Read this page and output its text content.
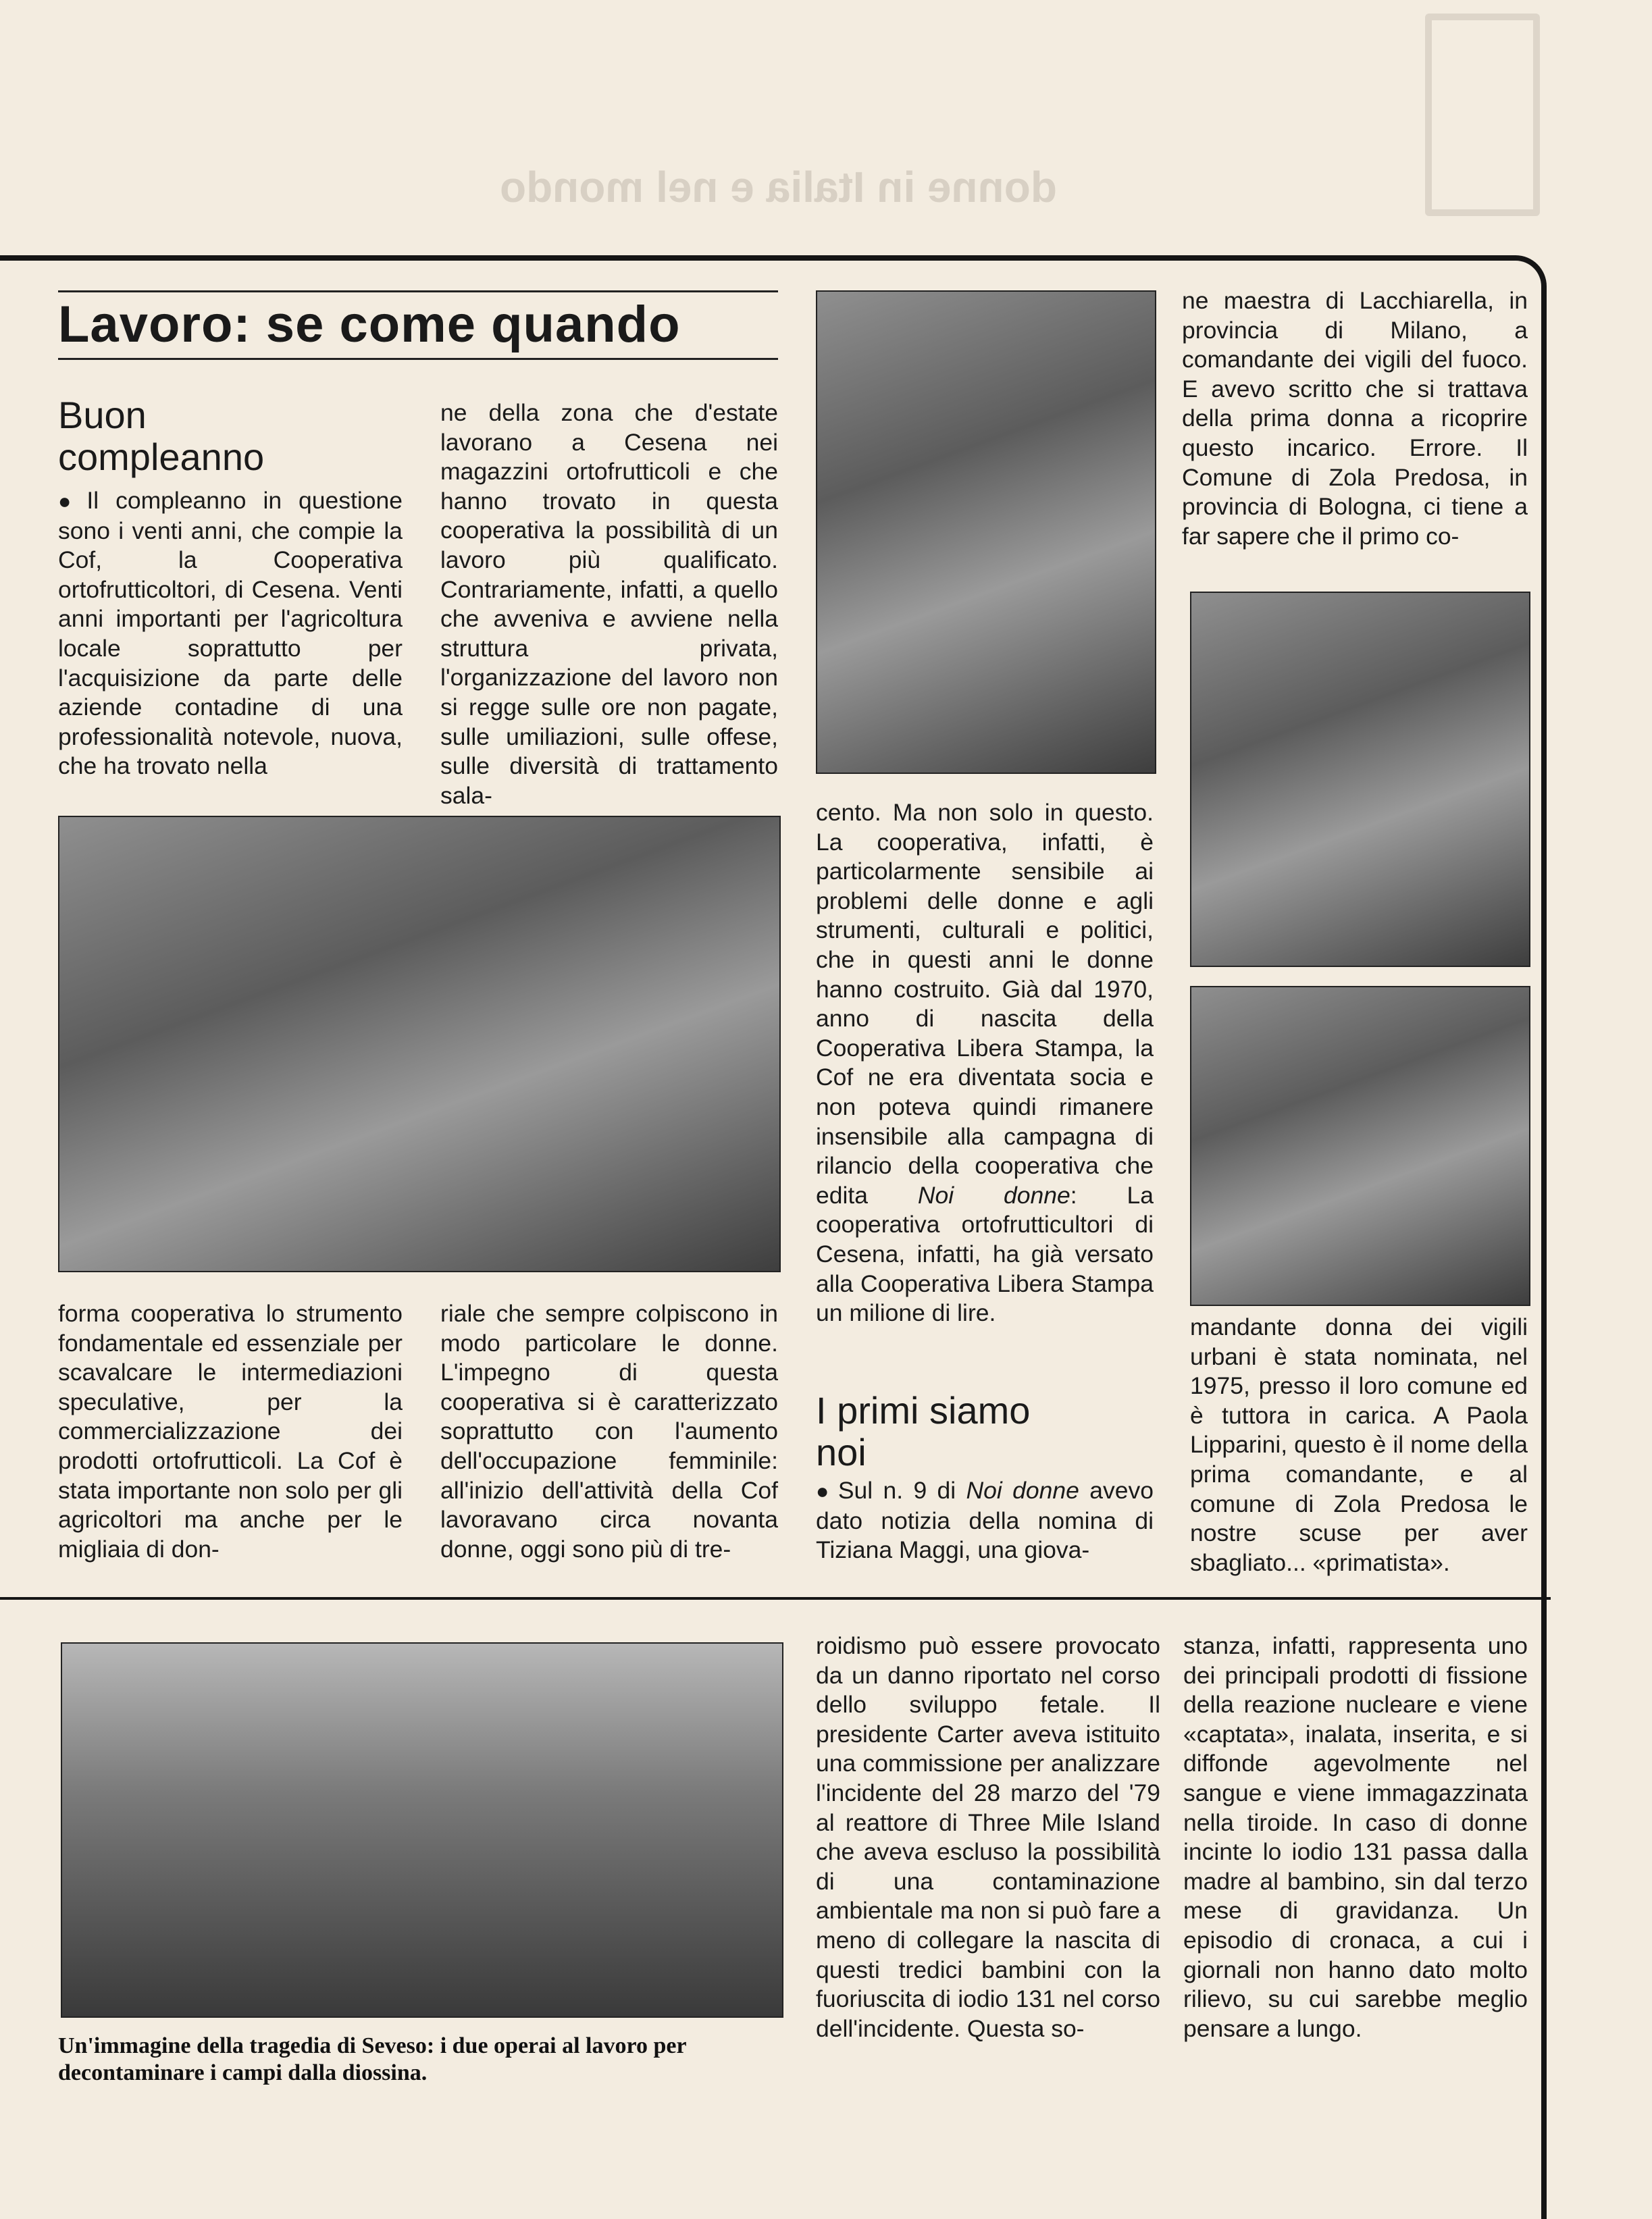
donne in Italia e nel mondo
Lavoro: se come quando
Buon compleanno

● Il compleanno in questione sono i venti anni, che compie la Cof, la Cooperativa ortofrutticoltori, di Cesena. Venti anni importanti per l'agricoltura locale soprattutto per l'acquisizione da parte delle aziende contadine di una professionalità notevole, nuova, che ha trovato nella

ne della zona che d'estate lavorano a Cesena nei magazzini ortofrutticoli e che hanno trovato in questa cooperativa la possibilità di un lavoro più qualificato. Contrariamente, infatti, a quello che avveniva e avviene nella struttura privata, l'organizzazione del lavoro non si regge sulle ore non pagate, sulle umiliazioni, sulle offese, sulle diversità di trattamento sala-

forma cooperativa lo strumento fondamentale ed essenziale per scavalcare le intermediazioni speculative, per la commercializzazione dei prodotti ortofrutticoli. La Cof è stata importante non solo per gli agricoltori ma anche per le migliaia di don-

riale che sempre colpiscono in modo particolare le donne. L'impegno di questa cooperativa si è caratterizzato soprattutto con l'aumento dell'occupazione femminile: all'inizio dell'attività della Cof lavoravano circa novanta donne, oggi sono più di tre-

cento. Ma non solo in questo. La cooperativa, infatti, è particolarmente sensibile ai problemi delle donne e agli strumenti, culturali e politici, che in questi anni le donne hanno costruito. Già dal 1970, anno di nascita della Cooperativa Libera Stampa, la Cof ne era diventata socia e non poteva quindi rimanere insensibile alla campagna di rilancio della cooperativa che edita Noi donne: La cooperativa ortofrutticultori di Cesena, infatti, ha già versato alla Cooperativa Libera Stampa un milione di lire.

I primi siamo noi

● Sul n. 9 di Noi donne avevo dato notizia della nomina di Tiziana Maggi, una giova-

ne maestra di Lacchiarella, in provincia di Milano, a comandante dei vigili del fuoco. E avevo scritto che si trattava della prima donna a ricoprire questo incarico. Errore. Il Comune di Zola Predosa, in provincia di Bologna, ci tiene a far sapere che il primo co-

mandante donna dei vigili urbani è stata nominata, nel 1975, presso il loro comune ed è tuttora in carica. A Paola Lipparini, questo è il nome della prima comandante, e al comune di Zola Predosa le nostre scuse per aver sbagliato... «primatista».

Un'immagine della tragedia di Seveso: i due operai al lavoro per decontaminare i campi dalla diossina.

roidismo può essere provocato da un danno riportato nel corso dello sviluppo fetale. Il presidente Carter aveva istituito una commissione per analizzare l'incidente del 28 marzo del '79 al reattore di Three Mile Island che aveva escluso la possibilità di una contaminazione ambientale ma non si può fare a meno di collegare la nascita di questi tredici bambini con la fuoriuscita di iodio 131 nel corso dell'incidente. Questa so-

stanza, infatti, rappresenta uno dei principali prodotti di fissione della reazione nucleare e viene «captata», inalata, inserita, e si diffonde agevolmente nel sangue e viene immagazzinata nella tiroide. In caso di donne incinte lo iodio 131 passa dalla madre al bambino, sin dal terzo mese di gravidanza. Un episodio di cronaca, a cui i giornali non hanno dato molto rilievo, su cui sarebbe meglio pensare a lungo.
